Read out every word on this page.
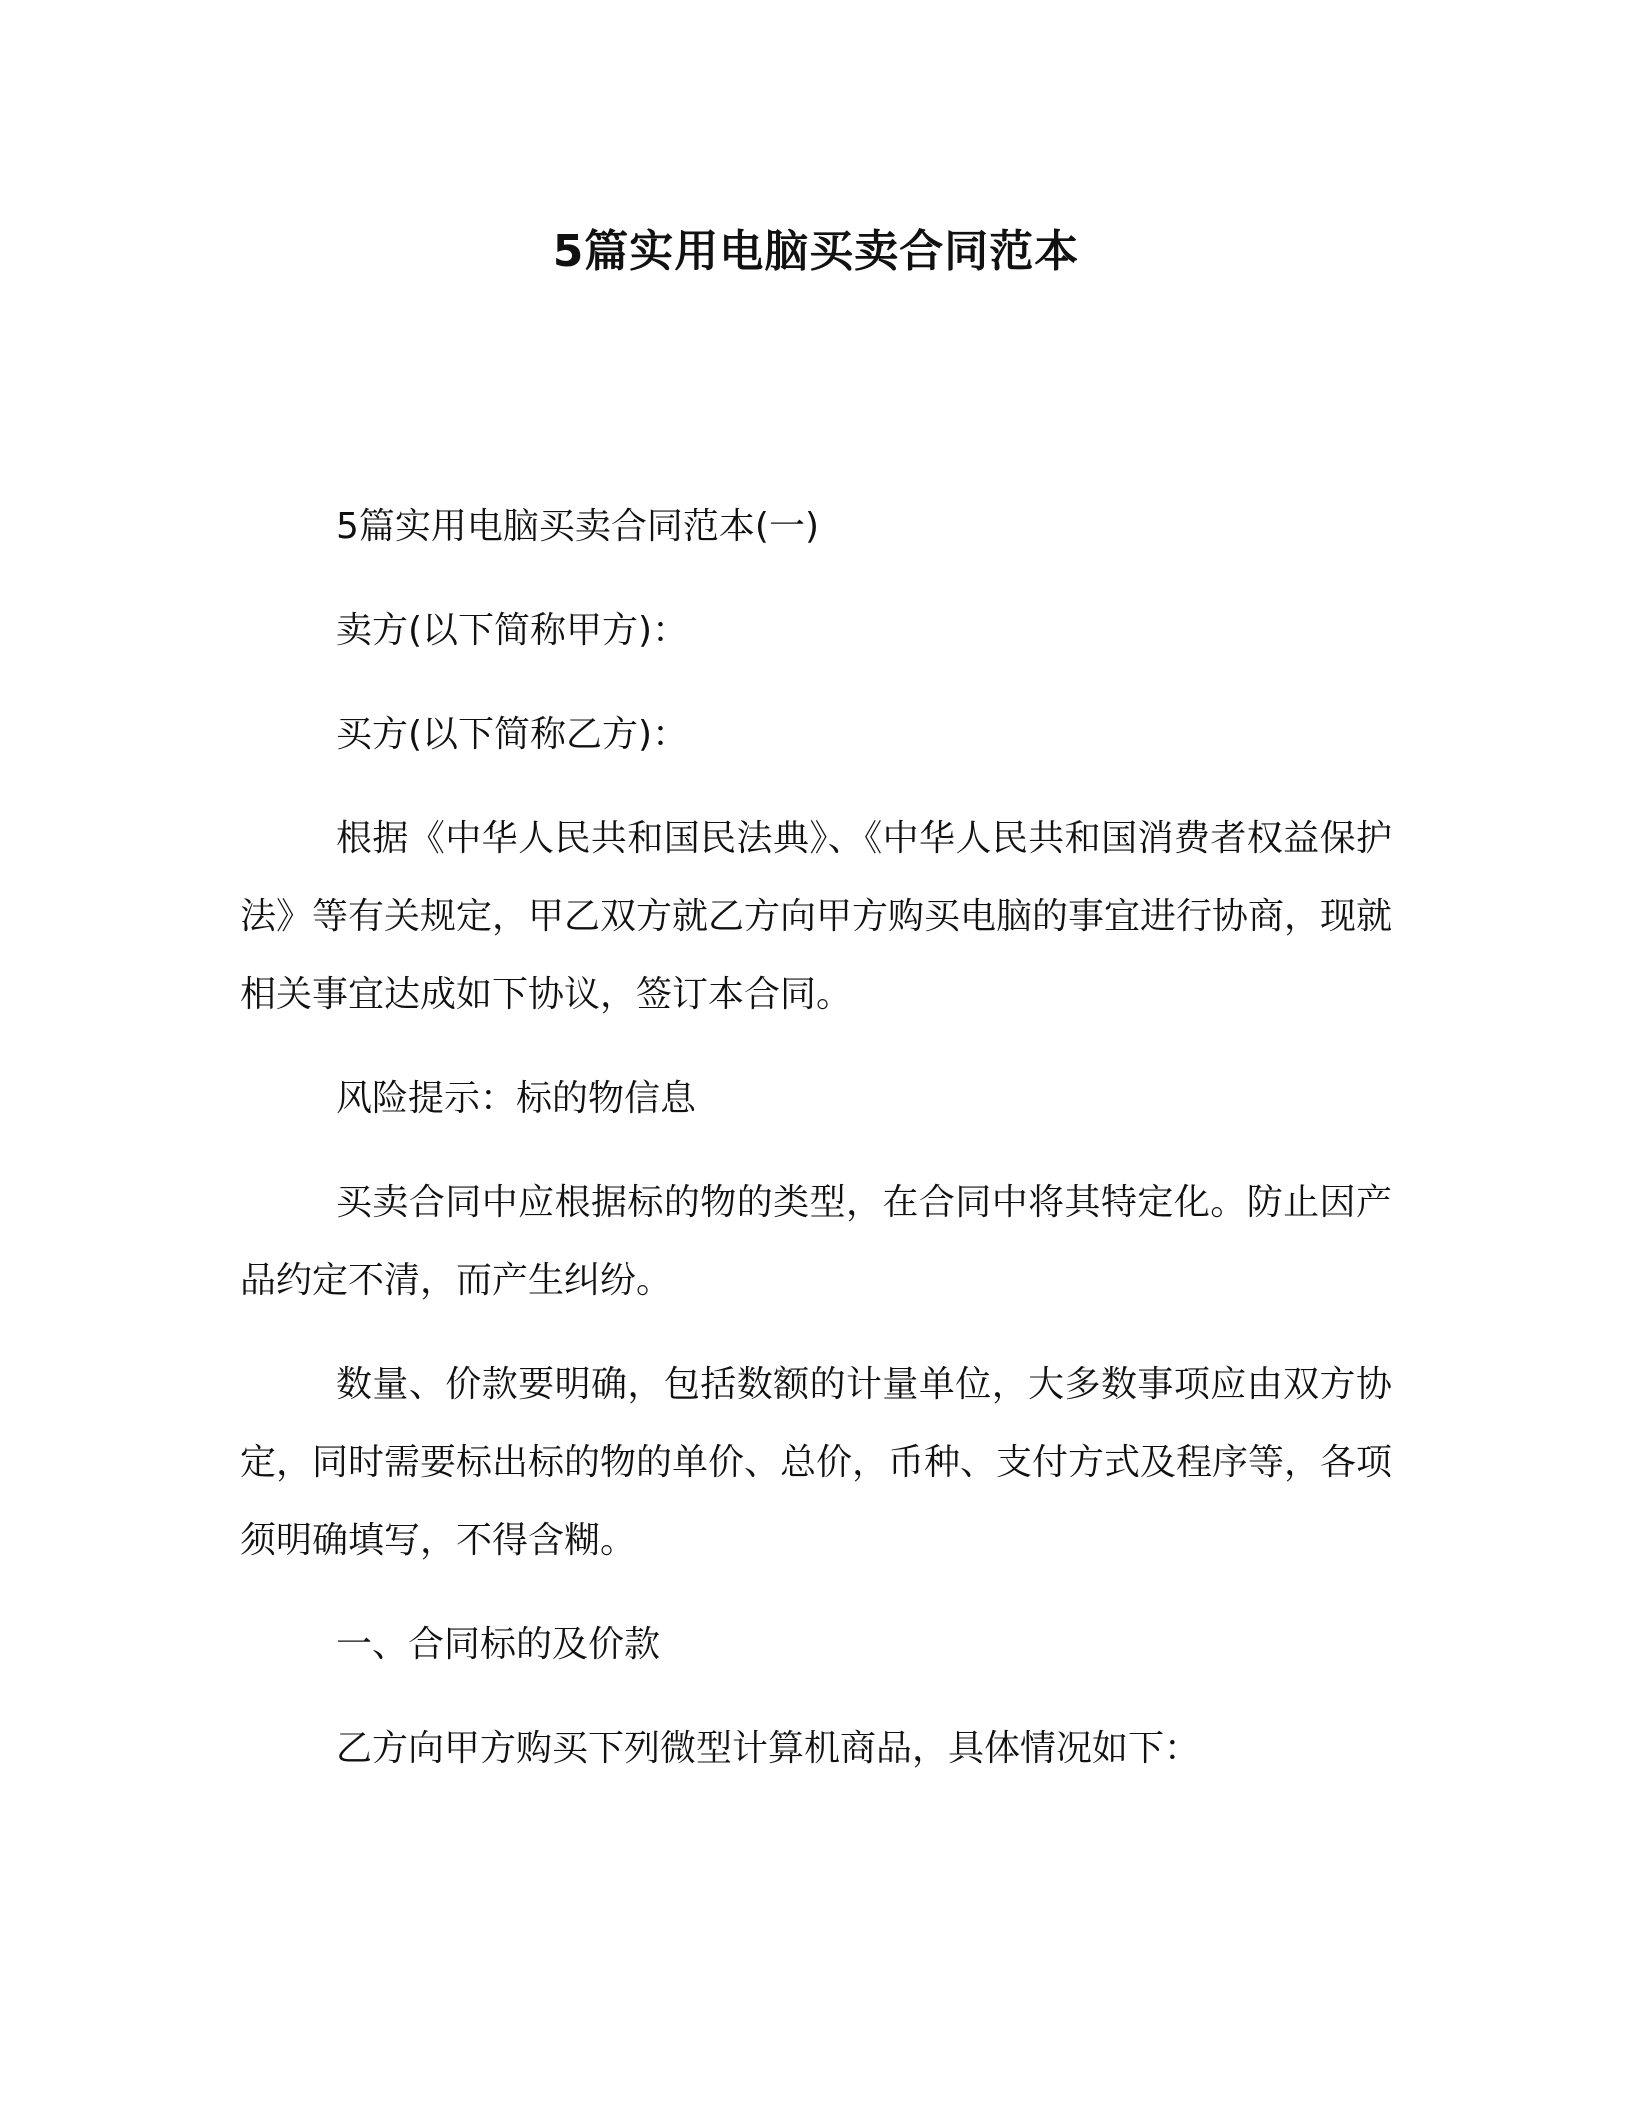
5篇实用电脑买卖合同范本

5篇实用电脑买卖合同范本(一)

卖方(以下简称甲方)：

买方(以下简称乙方)：

根据《中华人民共和国民法典》、《中华人民共和国消费者权益保护法》等有关规定，甲乙双方就乙方向甲方购买电脑的事宜进行协商，现就相关事宜达成如下协议，签订本合同。

风险提示：标的物信息

买卖合同中应根据标的物的类型，在合同中将其特定化。防止因产品约定不清，而产生纠纷。

数量、价款要明确，包括数额的计量单位，大多数事项应由双方协定，同时需要标出标的物的单价、总价，币种、支付方式及程序等，各项须明确填写，不得含糊。

一、合同标的及价款

乙方向甲方购买下列微型计算机商品，具体情况如下：
